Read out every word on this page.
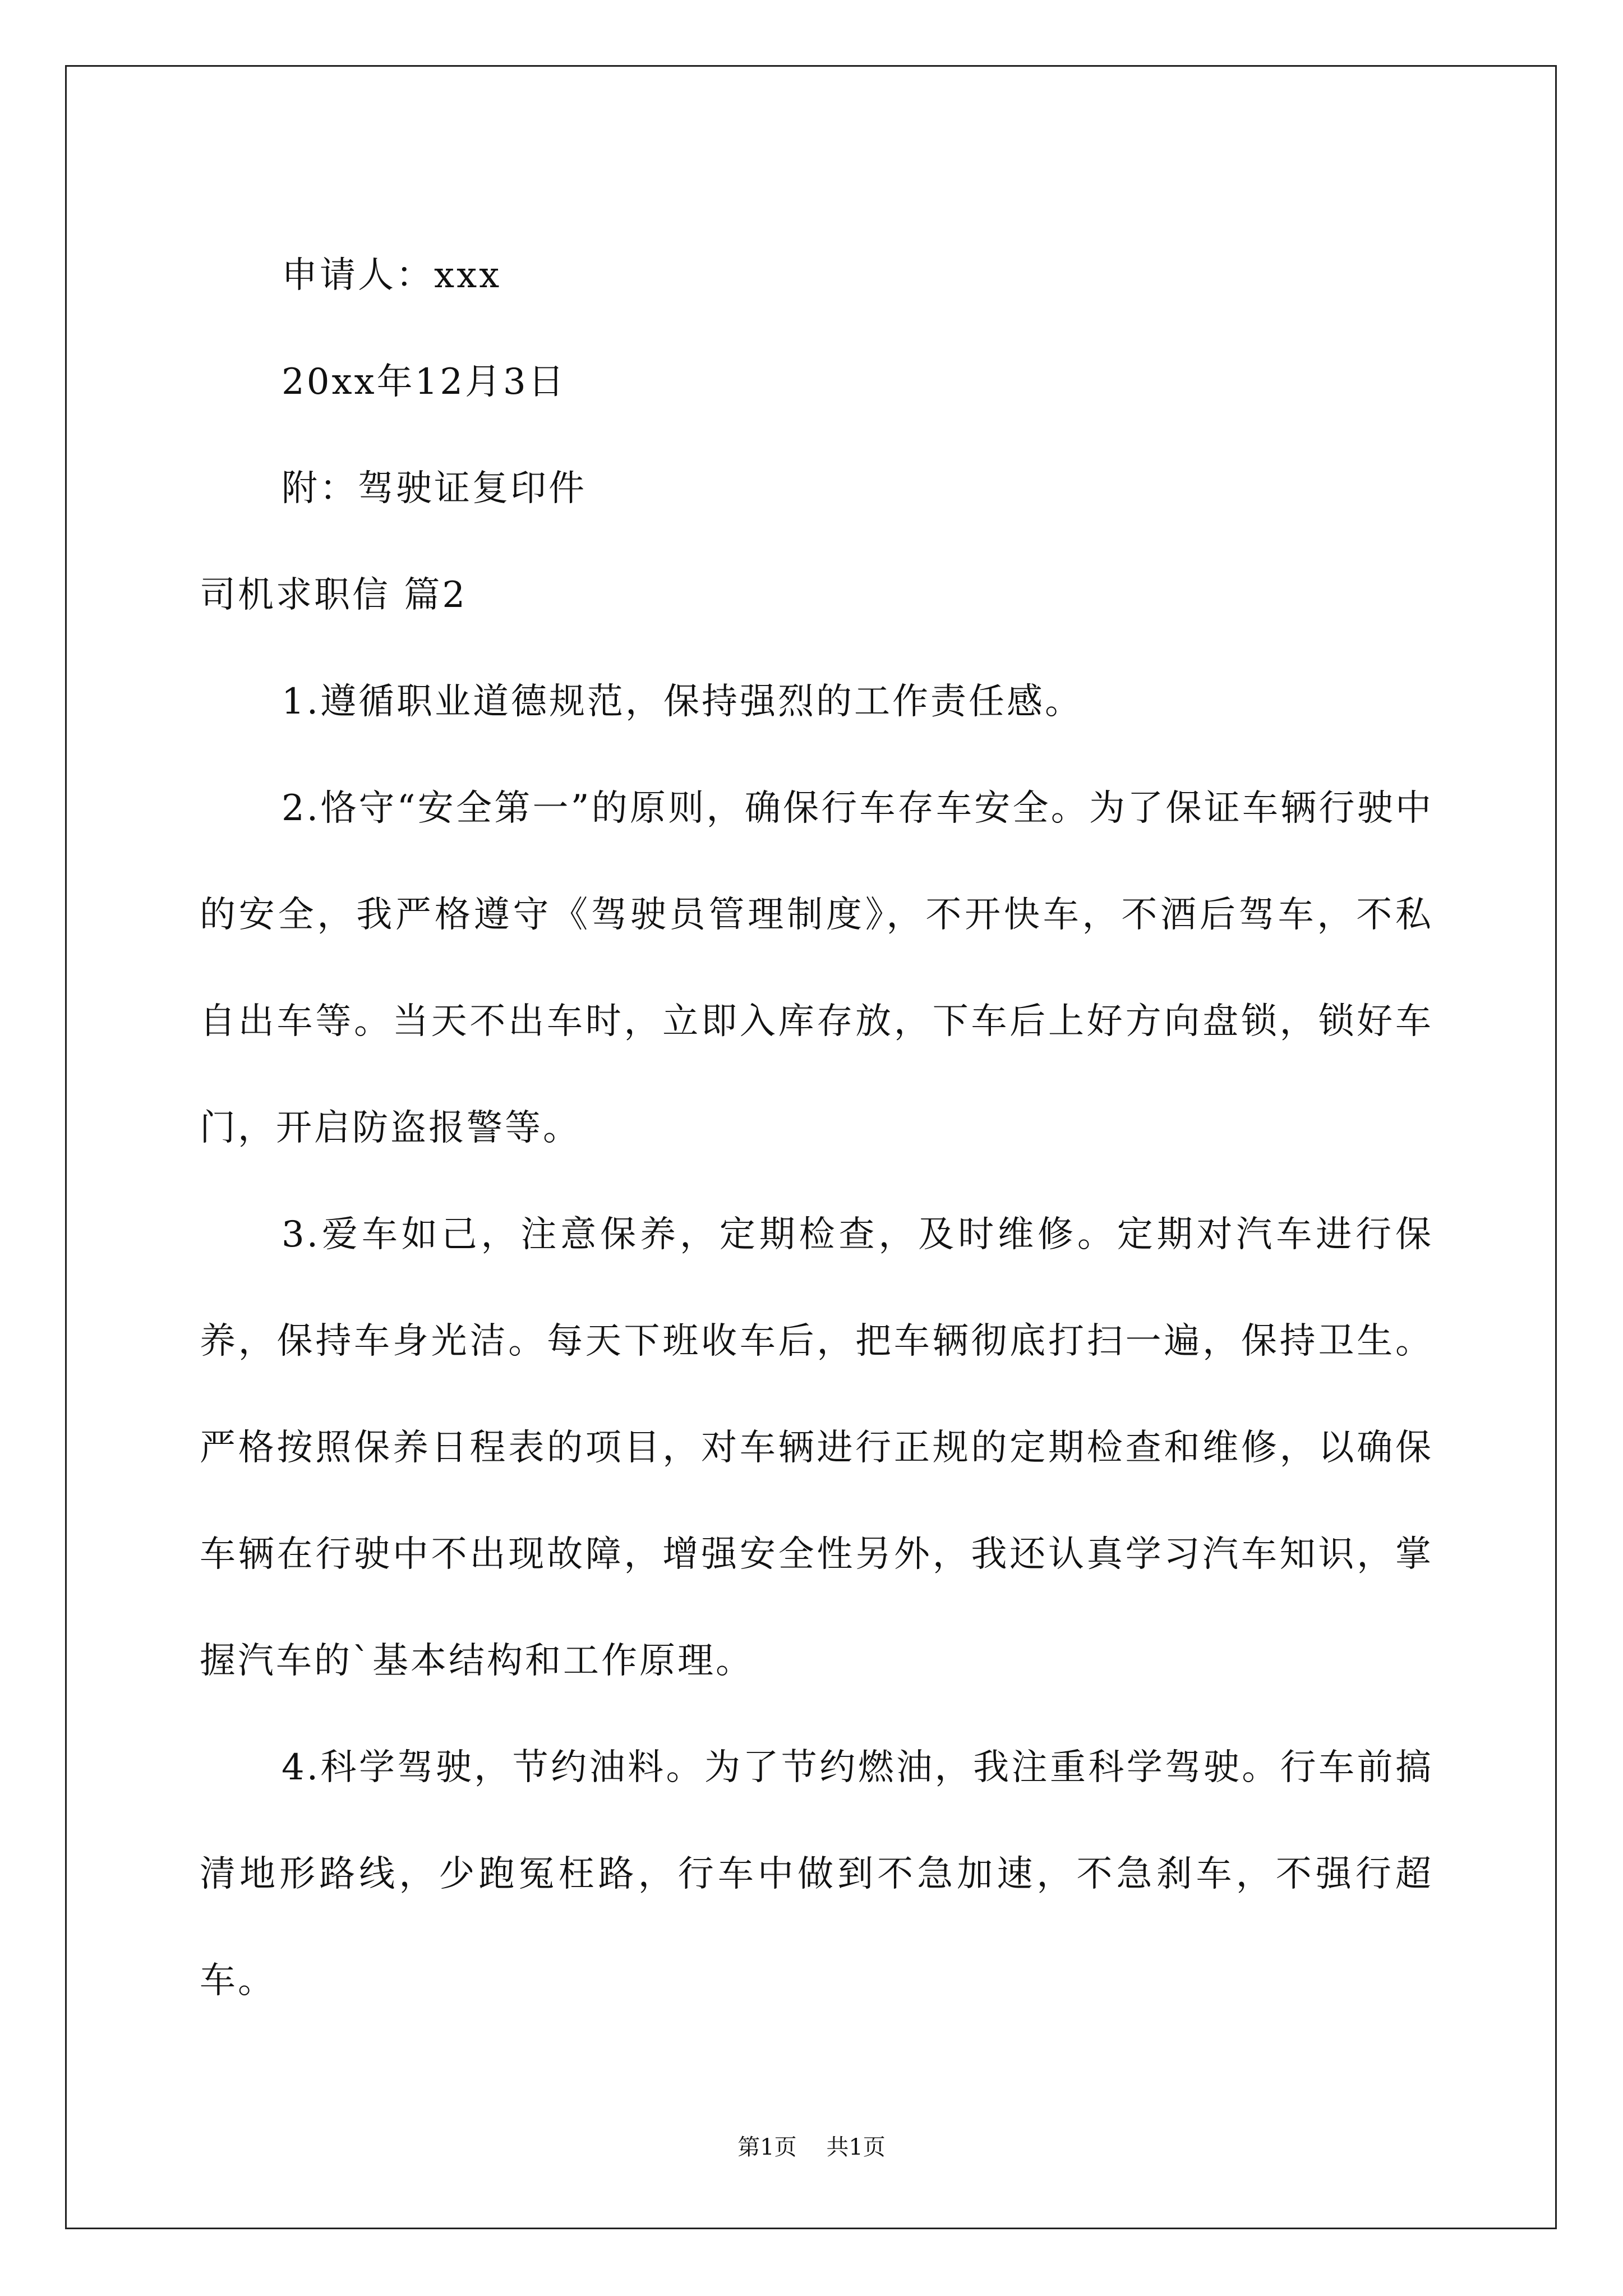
申请人：xxx
20xx年12月3日
附：驾驶证复印件
司机求职信 篇2

1.遵循职业道德规范，保持强烈的工作责任感。

2.恪守“安全第一”的原则，确保行车存车安全。为了保证车辆行驶中的安全，我严格遵守《驾驶员管理制度》，不开快车，不酒后驾车，不私自出车等。当天不出车时，立即入库存放，下车后上好方向盘锁，锁好车门，开启防盗报警等。

3.爱车如己，注意保养，定期检查，及时维修。定期对汽车进行保养，保持车身光洁。每天下班收车后，把车辆彻底打扫一遍，保持卫生。严格按照保养日程表的项目，对车辆进行正规的定期检查和维修，以确保车辆在行驶中不出现故障，增强安全性另外，我还认真学习汽车知识，掌握汽车的`基本结构和工作原理。

4.科学驾驶，节约油料。为了节约燃油，我注重科学驾驶。行车前搞清地形路线，少跑冤枉路，行车中做到不急加速，不急刹车，不强行超车。

第1页 共1页
